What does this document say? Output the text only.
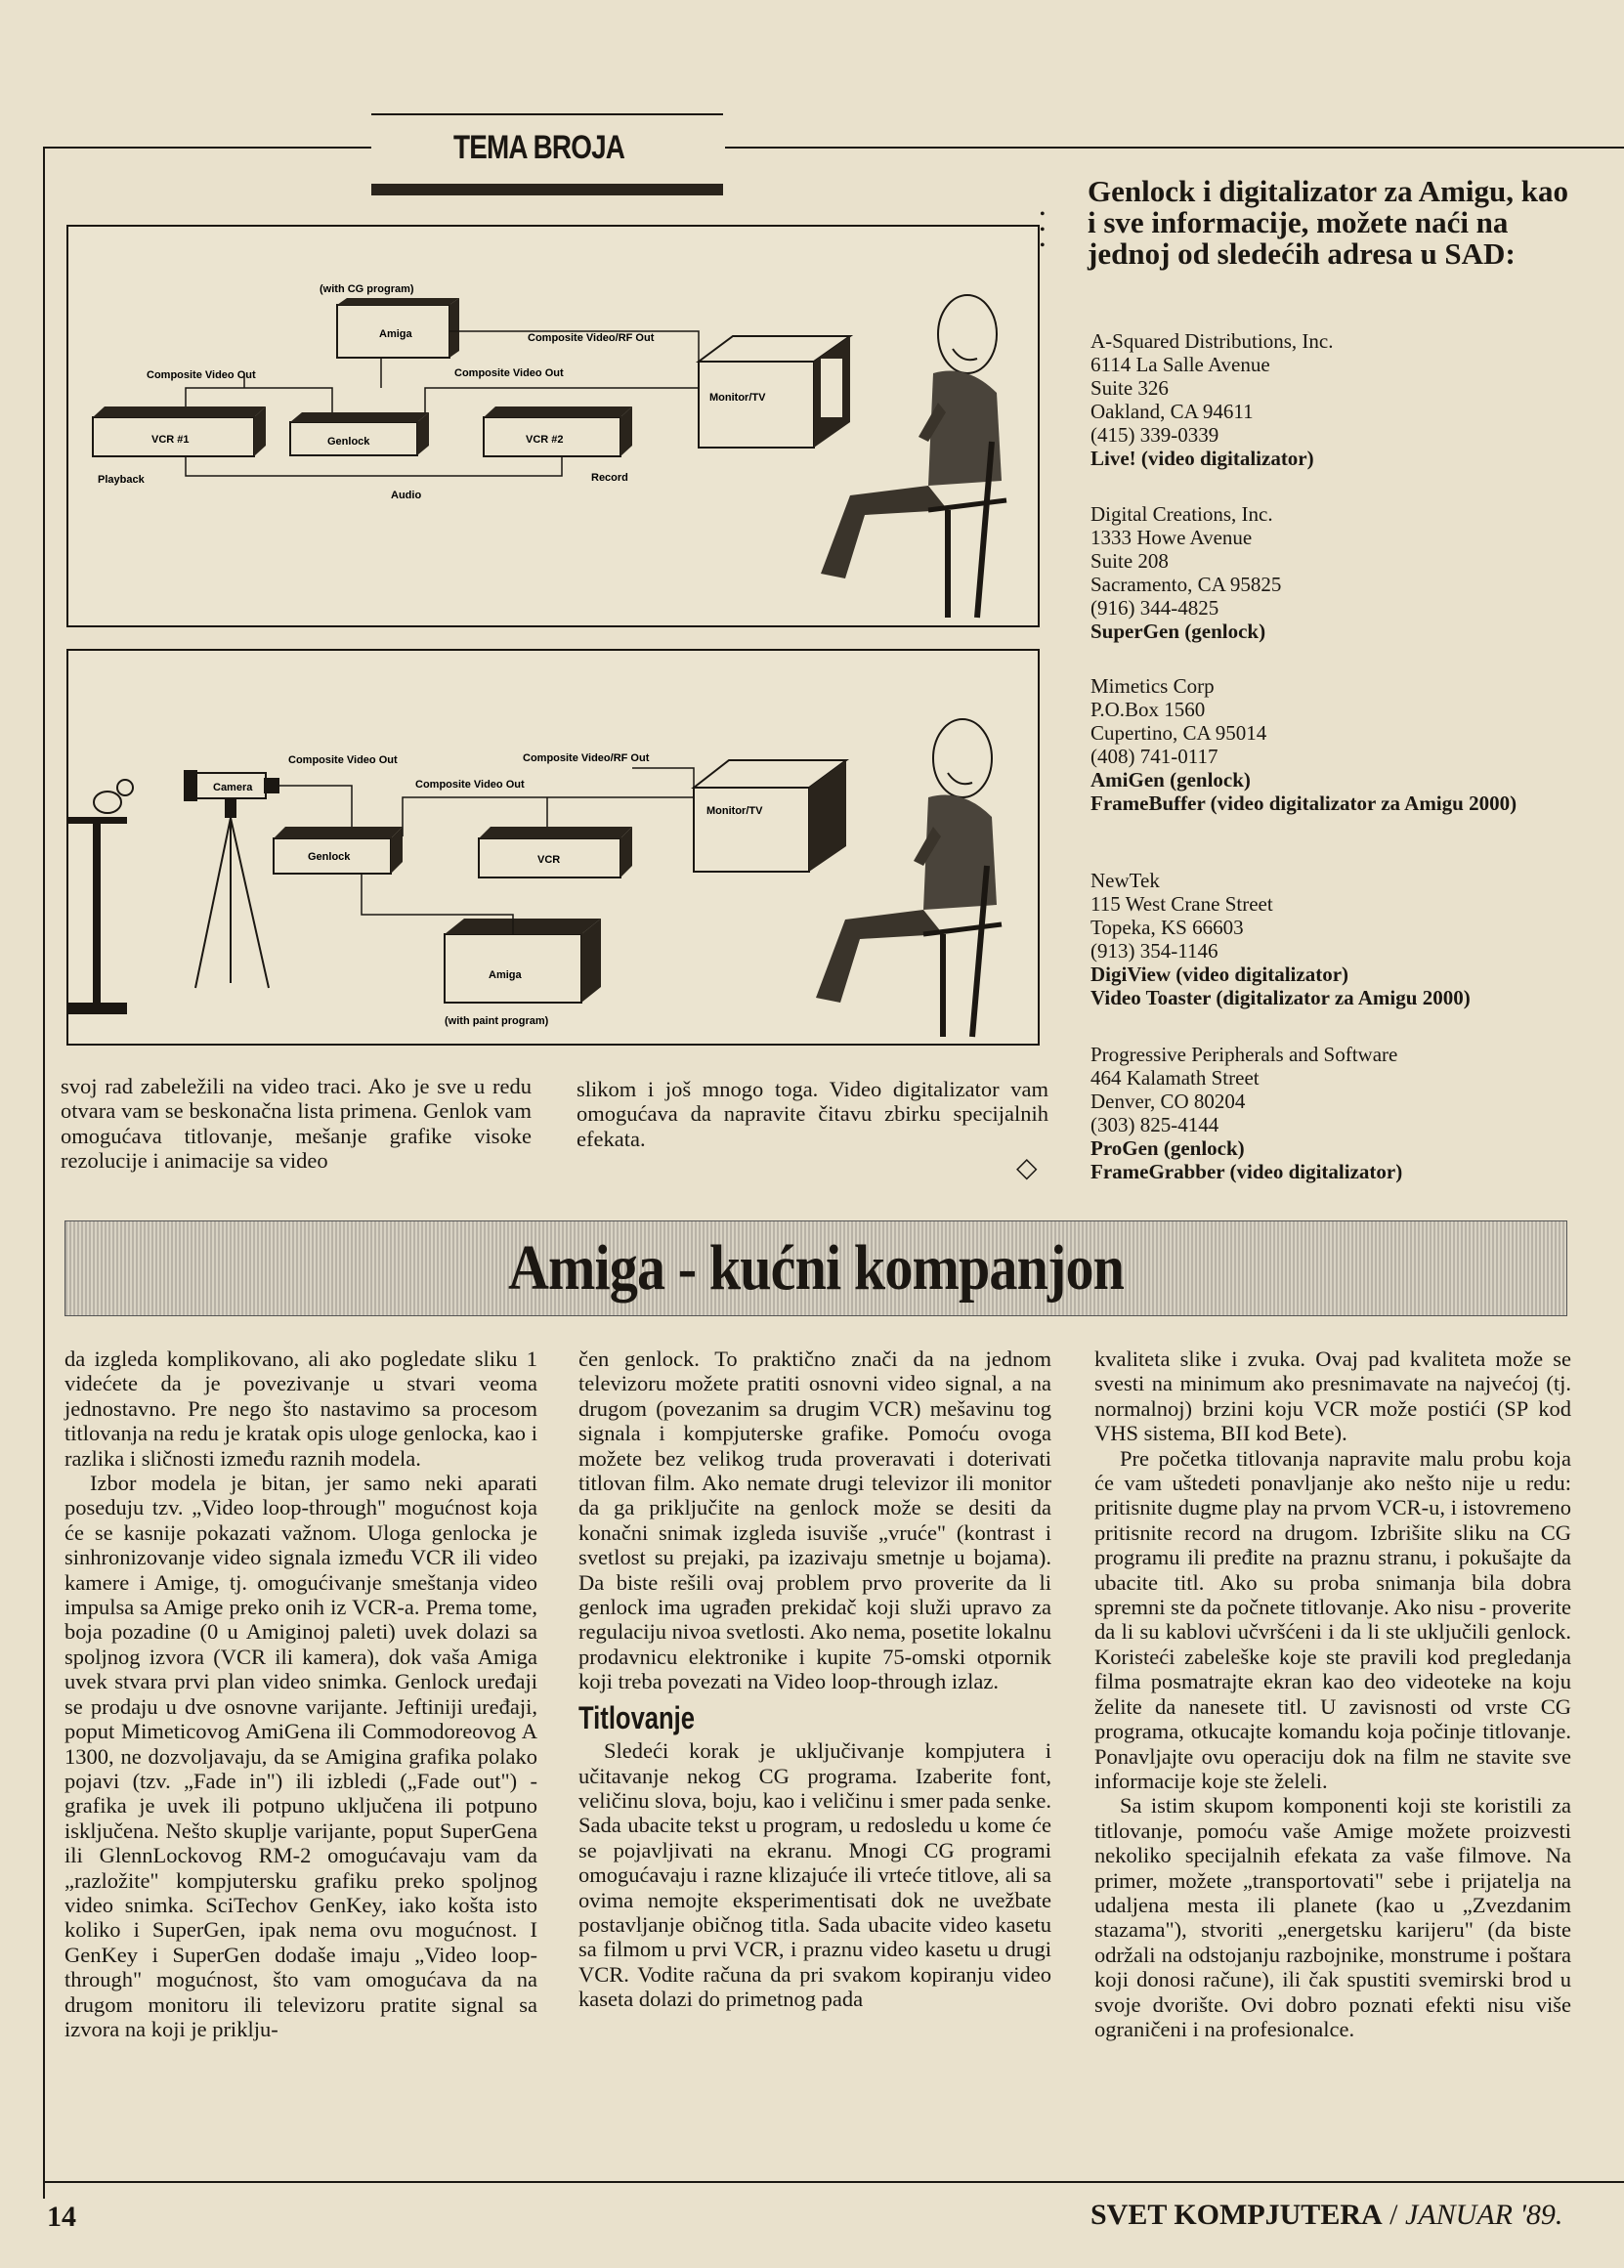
TEMA BROJA
(with CG program)
Amiga	Composite Video/RF Out
Composite Video Out	Composite Video Out
Monitor/TV
VCR #1	Genlock	VCR #2
Playback	Record
Audio
Composite Video Out	Composite Video/RF Out
Composite Video Out
Camera
Monitor/TV
Genlock	VCR
Amiga
(with paint program)

svoj rad zabeležili na video traci. Ako je sve u redu otvara vam se beskonačna lista primena. Genlok vam omogućava titlovanje, mešanje grafike visoke rezolucije i animacije sa video

slikom i još mnogo toga. Video digitalizator vam omogućava da napravite čitavu zbirku specijalnih efekata.

◇
Genlock i digitalizator za Amigu, kao i sve informacije, možete naći na jednoj od sledećih adresa u SAD:
•
•
•
A-Squared Distributions, Inc.
6114 La Salle Avenue
Suite 326
Oakland, CA 94611
(415) 339-0339
Live! (video digitalizator)
Digital Creations, Inc.
1333 Howe Avenue
Suite 208
Sacramento, CA 95825
(916) 344-4825
SuperGen (genlock)
Mimetics Corp
P.O.Box 1560
Cupertino, CA 95014
(408) 741-0117
AmiGen (genlock)
FrameBuffer (video digitalizator za Amigu 2000)
NewTek
115 West Crane Street
Topeka, KS 66603
(913) 354-1146
DigiView (video digitalizator)
Video Toaster (digitalizator za Amigu 2000)
Progressive Peripherals and Software
464 Kalamath Street
Denver, CO 80204
(303) 825-4144
ProGen (genlock)
FrameGrabber (video digitalizator)
Amiga - kućni kompanjon

da izgleda komplikovano, ali ako pogledate sliku 1 videćete da je povezivanje u stvari veoma jednostavno. Pre nego što nastavimo sa procesom titlovanja na redu je kratak opis uloge genlocka, kao i razlika i sličnosti između raznih modela.

Izbor modela je bitan, jer samo neki aparati poseduju tzv. „Video loop-through" mogućnost koja će se kasnije pokazati važnom. Uloga genlocka je sinhronizovanje video signala između VCR ili video kamere i Amige, tj. omogućivanje smeštanja video impulsa sa Amige preko onih iz VCR-a. Prema tome, boja pozadine (0 u Amiginoj paleti) uvek dolazi sa spoljnog izvora (VCR ili kamera), dok vaša Amiga uvek stvara prvi plan video snimka. Genlock uređaji se prodaju u dve osnovne varijante. Jeftiniji uređaji, poput Mimeticovog AmiGena ili Commodoreovog A 1300, ne dozvoljavaju, da se Amigina grafika polako pojavi (tzv. „Fade in") ili izbledi („Fade out") - grafika je uvek ili potpuno uključena ili potpuno isključena. Nešto skuplje varijante, poput SuperGena ili GlennLockovog RM-2 omogućavaju vam da „razložite" kompjutersku grafiku preko spoljnog video snimka. SciTechov GenKey, iako košta isto koliko i SuperGen, ipak nema ovu mogućnost. I GenKey i SuperGen dodaše imaju „Video loop-through" mogućnost, što vam omogućava da na drugom monitoru ili televizoru pratite signal sa izvora na koji je priklju-

čen genlock. To praktično znači da na jednom televizoru možete pratiti osnovni video signal, a na drugom (povezanim sa drugim VCR) mešavinu tog signala i kompjuterske grafike. Pomoću ovoga možete bez velikog truda proveravati i doterivati titlovan film. Ako nemate drugi televizor ili monitor da ga priključite na genlock može se desiti da konačni snimak izgleda isuviše „vruće" (kontrast i svetlost su prejaki, pa izazivaju smetnje u bojama). Da biste rešili ovaj problem prvo proverite da li genlock ima ugrađen prekidač koji služi upravo za regulaciju nivoa svetlosti. Ako nema, posetite lokalnu prodavnicu elektronike i kupite 75-omski otpornik koji treba povezati na Video loop-through izlaz.

Titlovanje

Sledeći korak je uključivanje kompjutera i učitavanje nekog CG programa. Izaberite font, veličinu slova, boju, kao i veličinu i smer pada senke. Sada ubacite tekst u program, u redosledu u kome će se pojavljivati na ekranu. Mnogi CG programi omogućavaju i razne klizajuće ili vrteće titlove, ali sa ovima nemojte eksperimentisati dok ne uvežbate postavljanje običnog titla. Sada ubacite video kasetu sa filmom u prvi VCR, i praznu video kasetu u drugi VCR. Vodite računa da pri svakom kopiranju video kaseta dolazi do primetnog pada

kvaliteta slike i zvuka. Ovaj pad kvaliteta može se svesti na minimum ako presnimavate na najvećoj (tj. normalnoj) brzini koju VCR može postići (SP kod VHS sistema, BII kod Bete).

Pre početka titlovanja napravite malu probu koja će vam uštedeti ponavljanje ako nešto nije u redu: pritisnite dugme play na prvom VCR-u, i istovremeno pritisnite record na drugom. Izbrišite sliku na CG programu ili pređite na praznu stranu, i pokušajte da ubacite titl. Ako su proba snimanja bila dobra spremni ste da počnete titlovanje. Ako nisu - proverite da li su kablovi učvršćeni i da li ste uključili genlock. Koristeći zabeleške koje ste pravili kod pregledanja filma posmatrajte ekran kao deo videoteke na koju želite da nanesete titl. U zavisnosti od vrste CG programa, otkucajte komandu koja počinje titlovanje. Ponavljajte ovu operaciju dok na film ne stavite sve informacije koje ste želeli.

Sa istim skupom komponenti koji ste koristili za titlovanje, pomoću vaše Amige možete proizvesti nekoliko specijalnih efekata za vaše filmove. Na primer, možete „transportovati" sebe i prijatelja na udaljena mesta ili planete (kao u „Zvezdanim stazama"), stvoriti „energetsku karijeru" (da biste održali na odstojanju razbojnike, monstrume i poštara koji donosi račune), ili čak spustiti svemirski brod u svoje dvorište. Ovi dobro poznati efekti nisu više ograničeni i na profesionalce.

14	SVET KOMPJUTERA / JANUAR '89.
